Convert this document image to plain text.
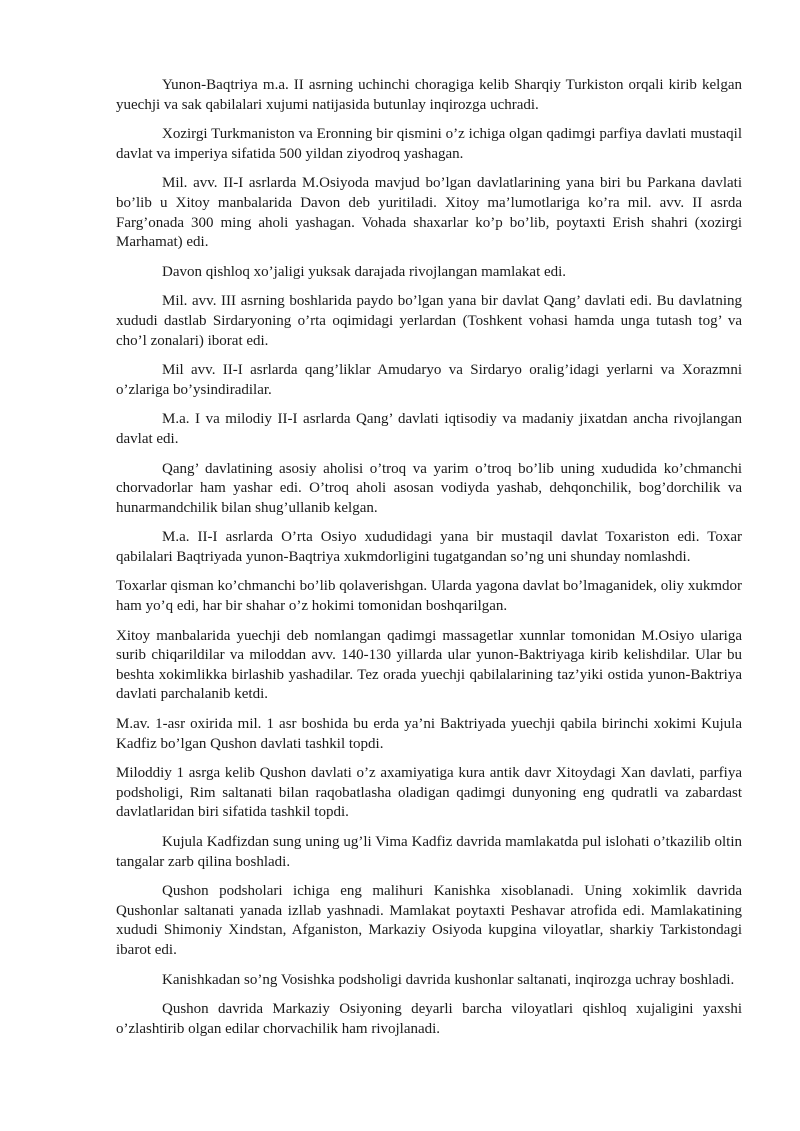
Yunon-Baqtriya m.a. II asrning uchinchi choragiga kelib Sharqiy Turkiston orqali kirib kelgan yuechji va sak qabilalari xujumi natijasida butunlay inqirozga uchradi.

Xozirgi Turkmaniston va Eronning bir qismini o’z ichiga olgan qadimgi parfiya davlati mustaqil davlat va imperiya sifatida 500 yildan ziyodroq yashagan.

Mil. avv. II-I asrlarda M.Osiyoda mavjud bo’lgan davlatlarining yana biri bu Parkana davlati bo’lib u Xitoy manbalarida Davon deb yuritiladi. Xitoy ma’lumotlariga ko’ra mil. avv. II asrda Farg’onada 300 ming aholi yashagan. Vohada shaxarlar ko’p bo’lib, poytaxti Erish shahri (xozirgi Marhamat) edi.

Davon qishloq xo’jaligi yuksak darajada rivojlangan mamlakat edi.

Mil. avv. III asrning boshlarida paydo bo’lgan yana bir davlat Qang’ davlati edi. Bu davlatning xududi dastlab Sirdaryoning o’rta oqimidagi yerlardan (Toshkent vohasi hamda unga tutash tog’ va cho’l zonalari) iborat edi.

Mil avv. II-I asrlarda qang’liklar Amudaryo va Sirdaryo oralig’idagi yerlarni va Xorazmni o’zlariga bo’ysindiradilar.

M.a. I va milodiy II-I asrlarda Qang’ davlati iqtisodiy va madaniy jixatdan ancha rivojlangan davlat edi.

Qang’ davlatining asosiy aholisi o’troq va yarim o’troq bo’lib uning xududida ko’chmanchi chorvadorlar ham yashar edi. O’troq aholi asosan vodiyda yashab, dehqonchilik, bog’dorchilik va hunarmandchilik bilan shug’ullanib kelgan.

M.a. II-I asrlarda O’rta Osiyo xududidagi yana bir mustaqil davlat Toxariston edi. Toxar qabilalari Baqtriyada yunon-Baqtriya xukmdorligini tugatgandan so’ng uni shunday nomlashdi.

Toxarlar qisman ko’chmanchi bo’lib qolaverishgan. Ularda yagona davlat bo’lmaganidek, oliy xukmdor ham yo’q edi, har bir shahar o’z hokimi tomonidan boshqarilgan.

Xitoy manbalarida yuechji deb nomlangan qadimgi massagetlar xunnlar tomonidan M.Osiyo ulariga surib chiqarildilar va miloddan avv. 140-130 yillarda ular yunon-Baktriyaga kirib kelishdilar. Ular bu beshta xokimlikka birlashib yashadilar. Tez orada yuechji qabilalarining taz’yiki ostida yunon-Baktriya davlati parchalanib ketdi.

M.av. 1-asr oxirida mil. 1 asr boshida bu erda ya’ni Baktriyada yuechji qabila birinchi xokimi Kujula Kadfiz bo’lgan Qushon davlati tashkil topdi.

Miloddiy 1 asrga kelib Qushon davlati o’z axamiyatiga kura antik davr Xitoydagi Xan davlati, parfiya podsholigi, Rim saltanati bilan raqobatlasha oladigan qadimgi dunyoning eng qudratli va zabardast davlatlaridan biri sifatida tashkil topdi.

Kujula Kadfizdan sung uning ug’li Vima Kadfiz davrida mamlakatda pul islohati o’tkazilib oltin tangalar zarb qilina boshladi.

Qushon podsholari ichiga eng malihuri Kanishka xisoblanadi. Uning xokimlik davrida Qushonlar saltanati yanada izllab yashnadi. Mamlakat poytaxti Peshavar atrofida edi. Mamlakatining xududi Shimoniy Xindstan, Afganiston, Markaziy Osiyoda kupgina viloyatlar, sharkiy Tarkistondagi ibarot edi.

Kanishkadan so’ng Vosishka podsholigi davrida kushonlar saltanati, inqirozga uchray boshladi.

Qushon davrida Markaziy Osiyoning deyarli barcha viloyatlari qishloq xujaligini yaxshi o’zlashtirib olgan edilar chorvachilik ham rivojlanadi.
